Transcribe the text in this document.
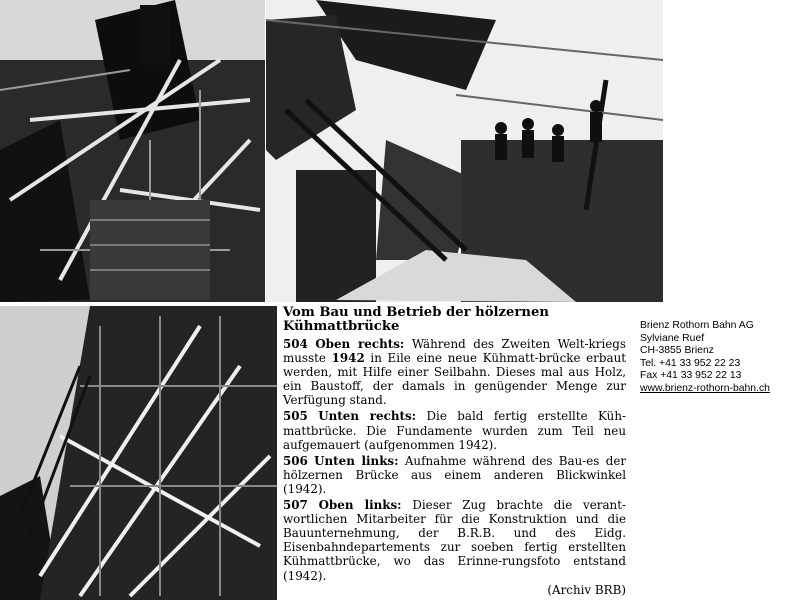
Vom Bau und Betrieb der hölzernen Kühmattbrücke
504 Oben rechts: Während des Zweiten Welt-kriegs musste 1942 in Eile eine neue Kühmatt-brücke erbaut werden, mit Hilfe einer Seilbahn. Dieses mal aus Holz, ein Baustoff, der damals in genügender Menge zur Verfügung stand.
505 Unten rechts: Die bald fertig erstellte Küh-mattbrücke. Die Fundamente wurden zum Teil neu aufgemauert (aufgenommen 1942).
506 Unten links: Aufnahme während des Bau-es der hölzernen Brücke aus einem anderen Blickwinkel (1942).
507 Oben links: Dieser Zug brachte die verant-wortlichen Mitarbeiter für die Konstruktion und die Bauunternehmung, der B.R.B. und des Eidg. Eisenbahndepartements zur soeben fertig erstellten Kühmattbrücke, wo das Erinne-rungsfoto entstand (1942).
(Archiv BRB)
Brienz Rothorn Bahn AG
Sylviane Ruef
CH-3855 Brienz
Tel. +41 33 952 22 23
Fax +41 33 952 22 13
www.brienz-rothorn-bahn.ch
